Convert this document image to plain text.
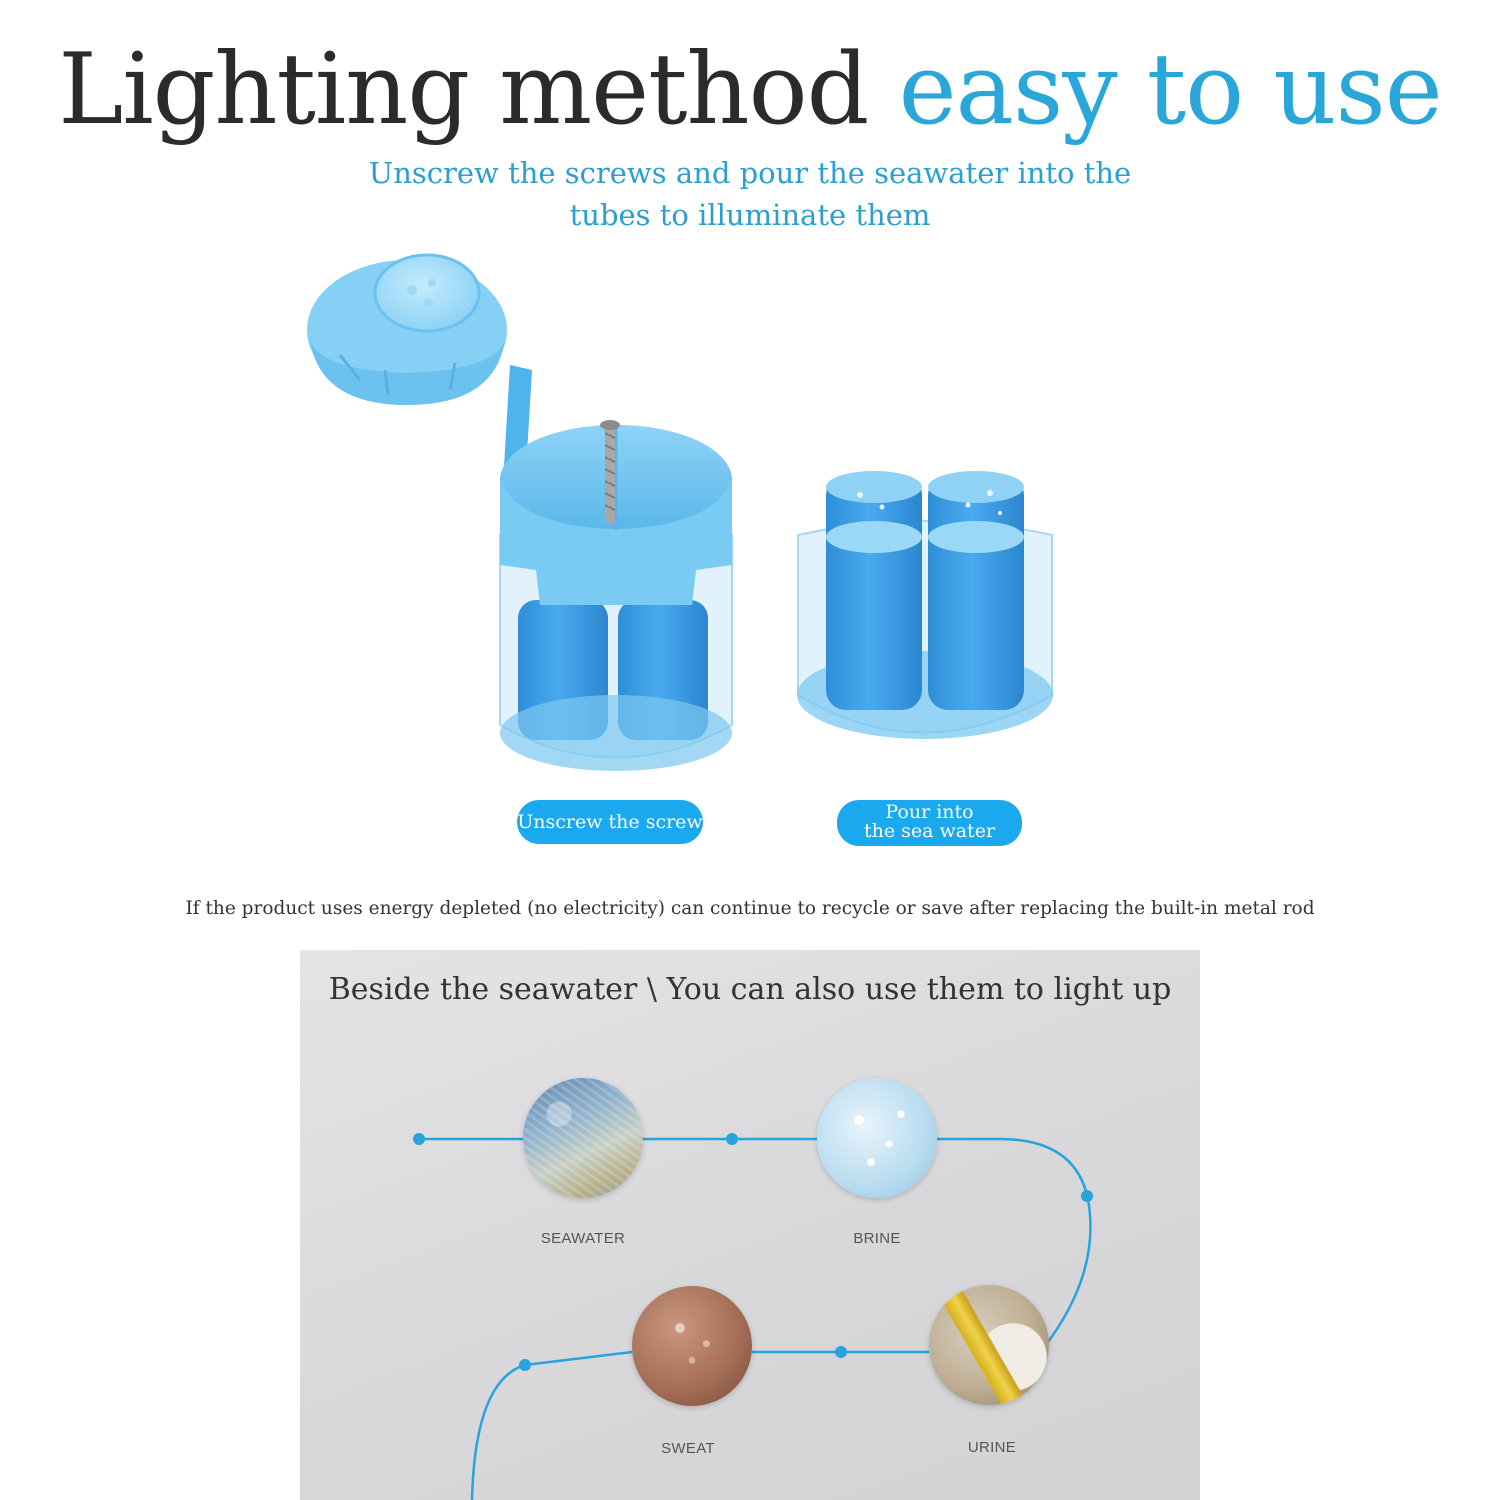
Lighting method easy to use
Unscrew the screws and pour the seawater into the
tubes to illuminate them
Unscrew the screw	Pour into
the sea water
If the product uses energy depleted (no electricity) can continue to recycle or save after replacing the built-in metal rod
Beside the seawater \ You can also use them to light up
SEAWATER	BRINE
SWEAT	URINE
